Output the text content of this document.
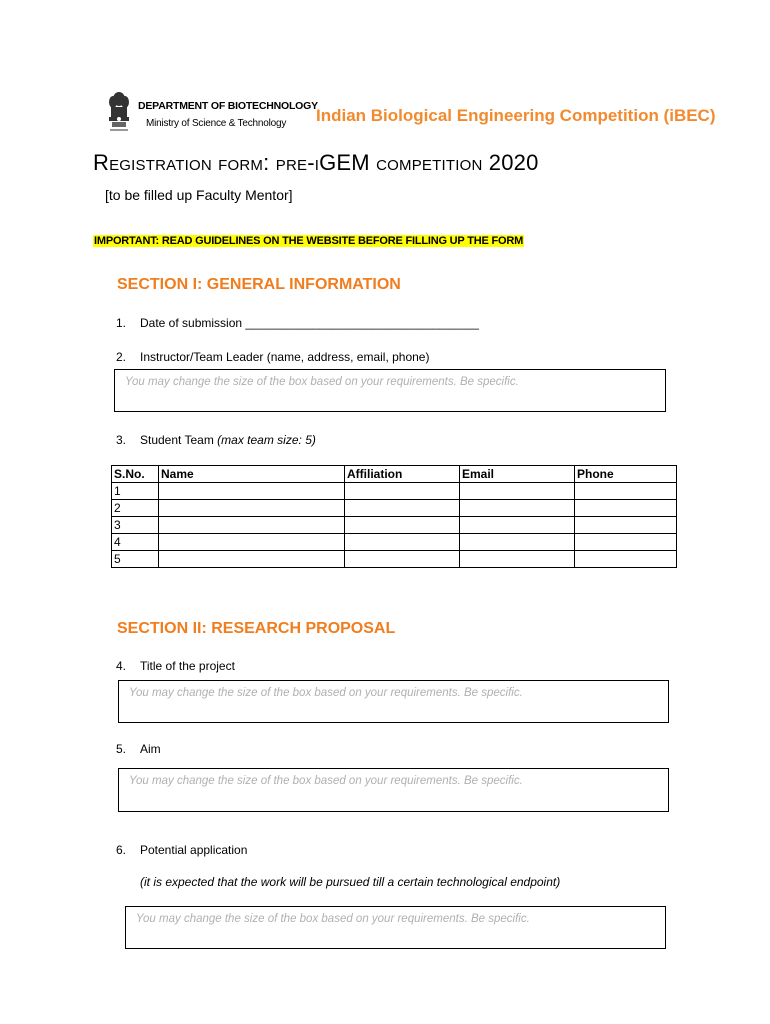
DEPARTMENT OF BIOTECHNOLOGY
Ministry of Science & Technology Indian Biological Engineering Competition (iBEC)
Registration form: pre-iGEM competition 2020
[to be filled up Faculty Mentor]
IMPORTANT: READ GUIDELINES ON THE WEBSITE BEFORE FILLING UP THE FORM
SECTION I: GENERAL INFORMATION
1. Date of submission ___________________________________
2. Instructor/Team Leader (name, address, email, phone)
You may change the size of the box based on your requirements. Be specific.
3. Student Team (max team size: 5)
S.No.	Name	Affiliation	Email	Phone
1				
2				
3				
4				
5				
SECTION II: RESEARCH PROPOSAL
4. Title of the project
You may change the size of the box based on your requirements. Be specific.
5. Aim
You may change the size of the box based on your requirements. Be specific.
6. Potential application
(it is expected that the work will be pursued till a certain technological endpoint)
You may change the size of the box based on your requirements. Be specific.
